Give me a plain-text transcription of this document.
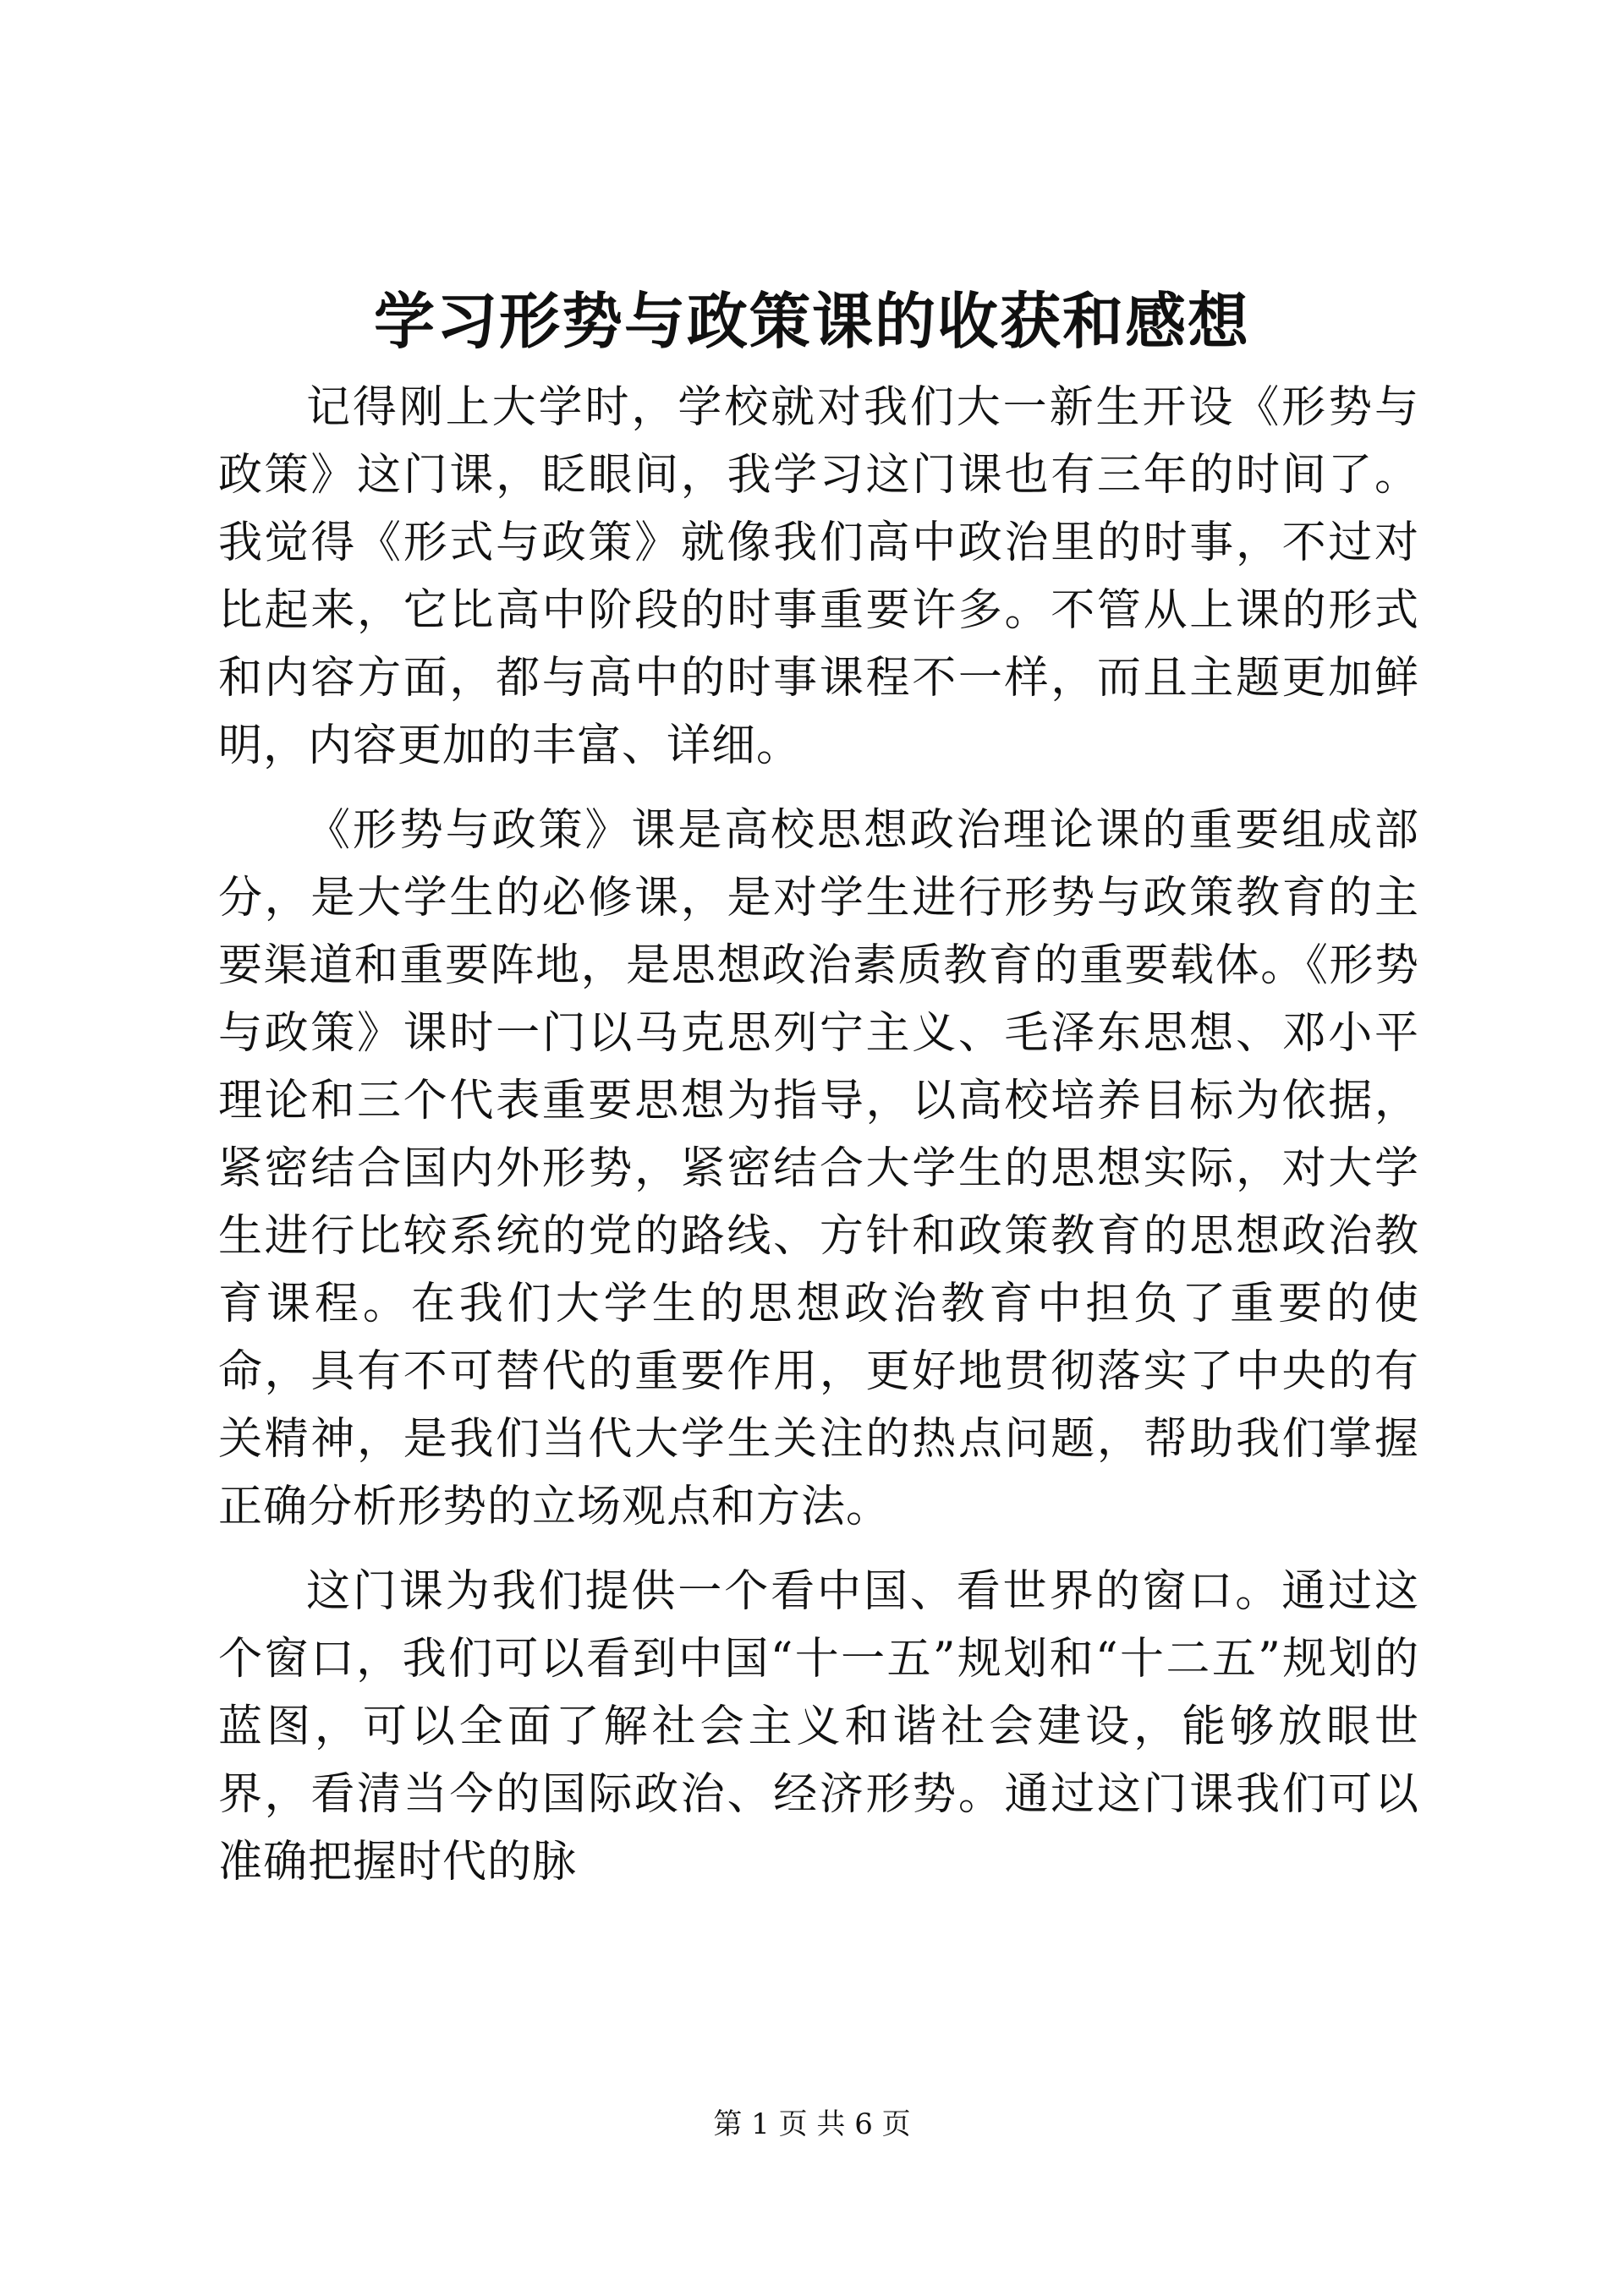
学习形势与政策课的收获和感想

记得刚上大学时，学校就对我们大一新生开设《形势与政策》这门课，眨眼间，我学习这门课也有三年的时间了。我觉得《形式与政策》就像我们高中政治里的时事，不过对比起来，它比高中阶段的时事重要许多。不管从上课的形式和内容方面，都与高中的时事课程不一样，而且主题更加鲜明，内容更加的丰富、详细。

《形势与政策》课是高校思想政治理论课的重要组成部分，是大学生的必修课，是对学生进行形势与政策教育的主要渠道和重要阵地，是思想政治素质教育的重要载体。《形势与政策》课时一门以马克思列宁主义、毛泽东思想、邓小平理论和三个代表重要思想为指导，以高校培养目标为依据，紧密结合国内外形势，紧密结合大学生的思想实际，对大学生进行比较系统的党的路线、方针和政策教育的思想政治教育课程。在我们大学生的思想政治教育中担负了重要的使命，具有不可替代的重要作用，更好地贯彻落实了中央的有关精神，是我们当代大学生关注的热点问题，帮助我们掌握正确分析形势的立场观点和方法。

这门课为我们提供一个看中国、看世界的窗口。通过这个窗口，我们可以看到中国“十一五”规划和“十二五”规划的蓝图，可以全面了解社会主义和谐社会建设，能够放眼世界，看清当今的国际政治、经济形势。通过这门课我们可以准确把握时代的脉

第 1 页 共 6 页
